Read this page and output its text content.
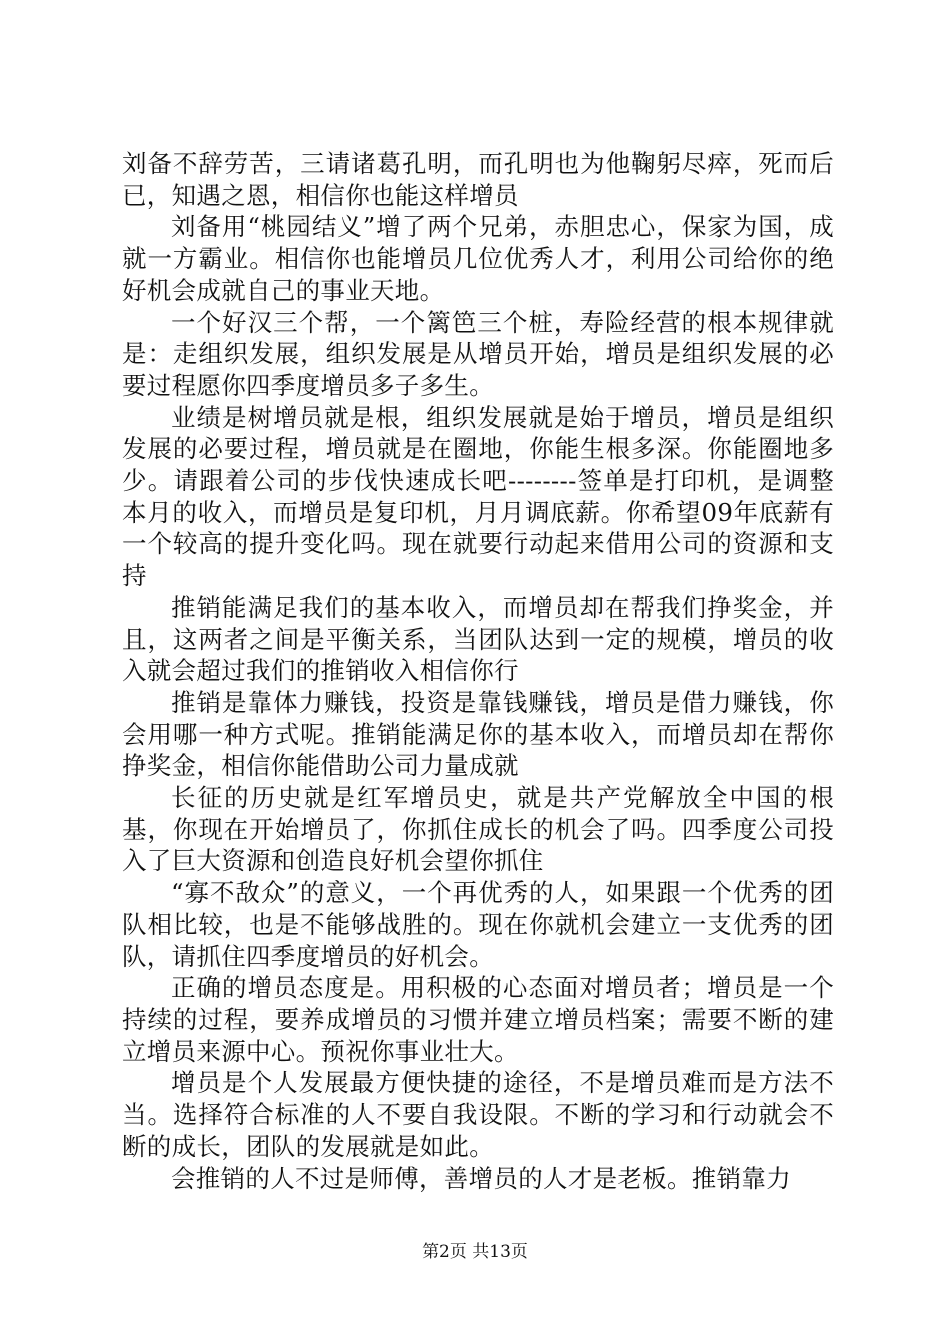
刘备不辞劳苦，三请诸葛孔明，而孔明也为他鞠躬尽瘁，死而后已，知遇之恩，相信你也能这样增员

刘备用“桃园结义”增了两个兄弟，赤胆忠心，保家为国，成就一方霸业。相信你也能增员几位优秀人才，利用公司给你的绝好机会成就自己的事业天地。

一个好汉三个帮，一个篱笆三个桩，寿险经营的根本规律就是：走组织发展，组织发展是从增员开始，增员是组织发展的必要过程愿你四季度增员多子多生。

业绩是树增员就是根，组织发展就是始于增员，增员是组织发展的必要过程，增员就是在圈地，你能生根多深。你能圈地多少。请跟着公司的步伐快速成长吧--------签单是打印机，是调整本月的收入，而增员是复印机，月月调底薪。你希望09年底薪有一个较高的提升变化吗。现在就要行动起来借用公司的资源和支持

推销能满足我们的基本收入，而增员却在帮我们挣奖金，并且，这两者之间是平衡关系，当团队达到一定的规模，增员的收入就会超过我们的推销收入相信你行

推销是靠体力赚钱，投资是靠钱赚钱，增员是借力赚钱，你会用哪一种方式呢。推销能满足你的基本收入，而增员却在帮你挣奖金，相信你能借助公司力量成就

长征的历史就是红军增员史，就是共产党解放全中国的根基，你现在开始增员了，你抓住成长的机会了吗。四季度公司投入了巨大资源和创造良好机会望你抓住

“寡不敌众”的意义，一个再优秀的人，如果跟一个优秀的团队相比较，也是不能够战胜的。现在你就机会建立一支优秀的团队，请抓住四季度增员的好机会。

正确的增员态度是。用积极的心态面对增员者；增员是一个持续的过程，要养成增员的习惯并建立增员档案；需要不断的建立增员来源中心。预祝你事业壮大。

增员是个人发展最方便快捷的途径，不是增员难而是方法不当。选择符合标准的人不要自我设限。不断的学习和行动就会不断的成长，团队的发展就是如此。

会推销的人不过是师傅，善增员的人才是老板。推销靠力

第2页 共13页
